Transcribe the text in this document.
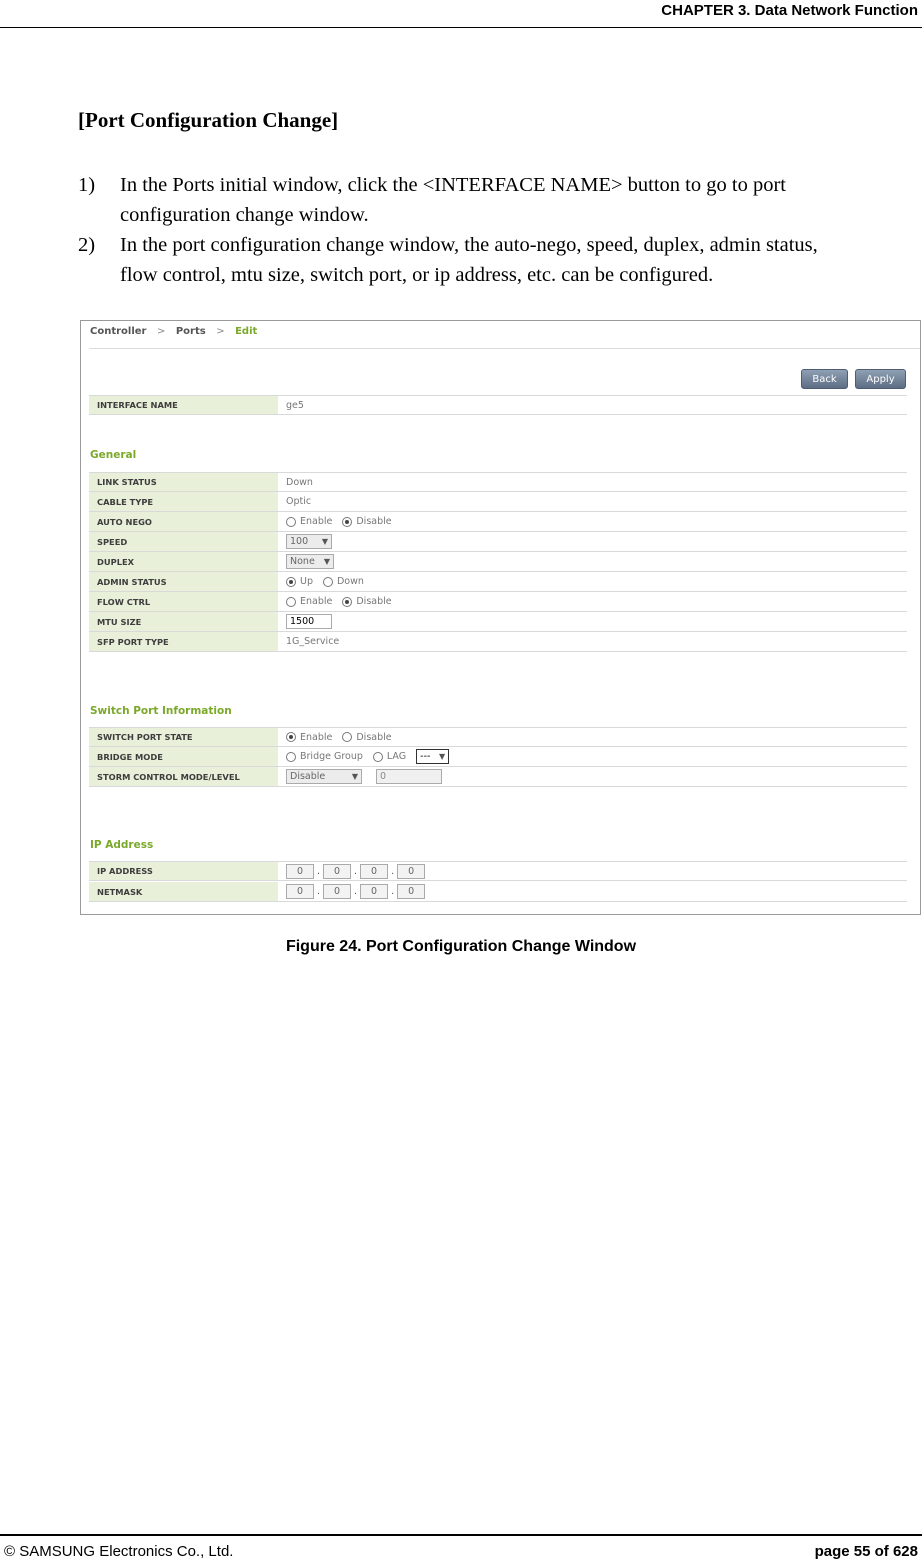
CHAPTER 3. Data Network Function
[Port Configuration Change]
1)	In the Ports initial window, click the <INTERFACE NAME> button to go to port
configuration change window.
2)	In the port configuration change window, the auto-nego, speed, duplex, admin status,
flow control, mtu size, switch port, or ip address, etc. can be configured.
Controller > Ports > Edit
Back	Apply
INTERFACE NAME	ge5
General
LINK STATUS	Down
CABLE TYPE	Optic
AUTO NEGO	Enable	Disable
SPEED	100 ▼
DUPLEX	None ▼
ADMIN STATUS	Up	Down
FLOW CTRL	Enable	Disable
MTU SIZE	1500
SFP PORT TYPE	1G_Service
Switch Port Information
SWITCH PORT STATE	Enable	Disable
BRIDGE MODE	Bridge Group	LAG --- ▼
STORM CONTROL MODE/LEVEL	Disable	▼	0
IP Address
IP ADDRESS	0	.	0	.	0	.	0
NETMASK	0	.	0	.	0	.	0
Figure 24. Port Configuration Change Window
© SAMSUNG Electronics Co., Ltd.	page 55 of 628
